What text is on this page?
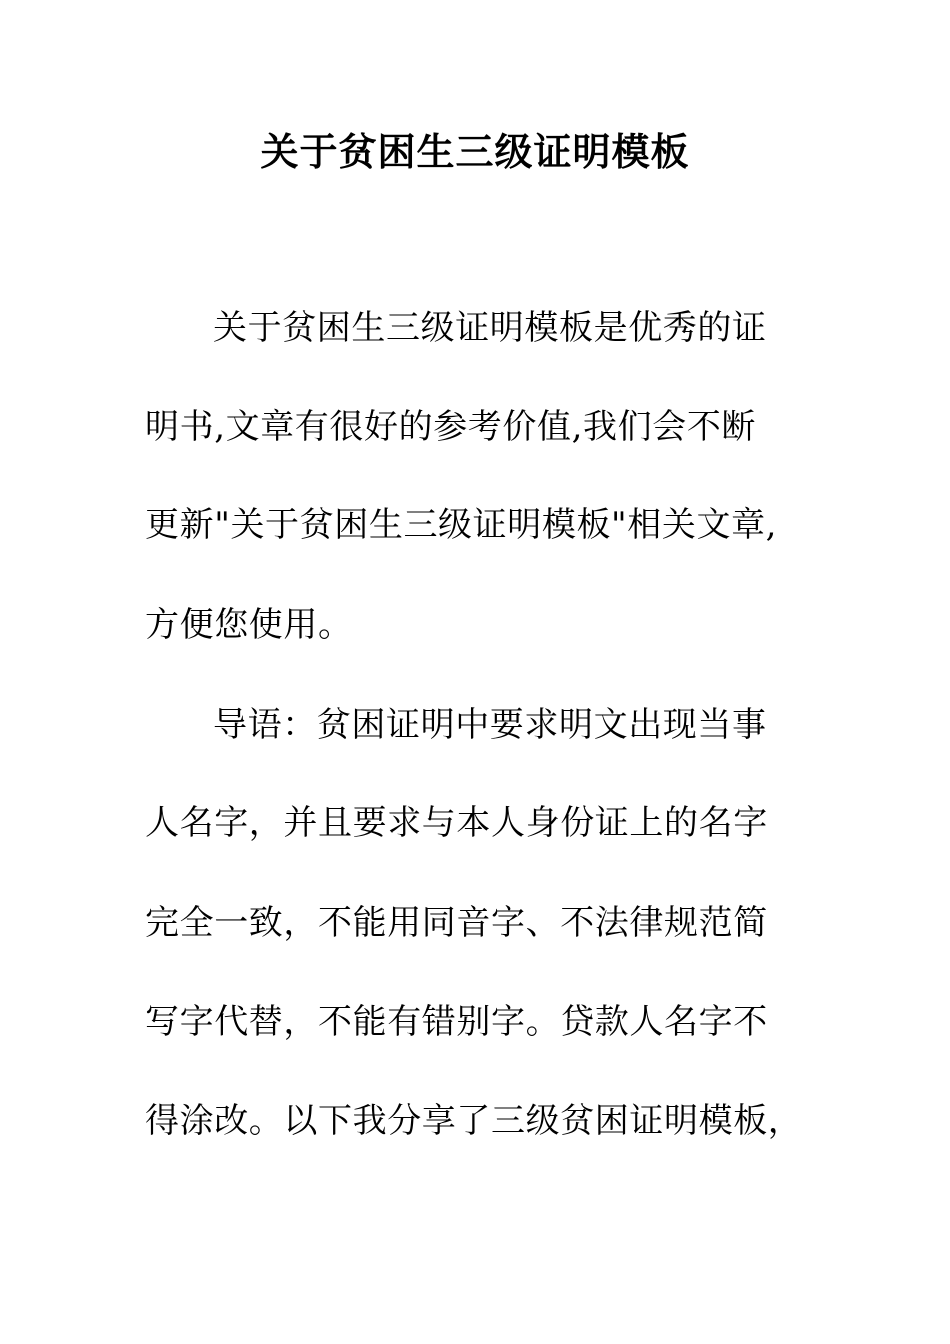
关于贫困生三级证明模板

关于贫困生三级证明模板是优秀的证

明书,文章有很好的参考价值,我们会不断

更新"关于贫困生三级证明模板"相关文章,

方便您使用。

导语：贫困证明中要求明文出现当事

人名字，并且要求与本人身份证上的名字

完全一致，不能用同音字、不法律规范简

写字代替，不能有错别字。贷款人名字不

得涂改。以下我分享了三级贫困证明模板，
